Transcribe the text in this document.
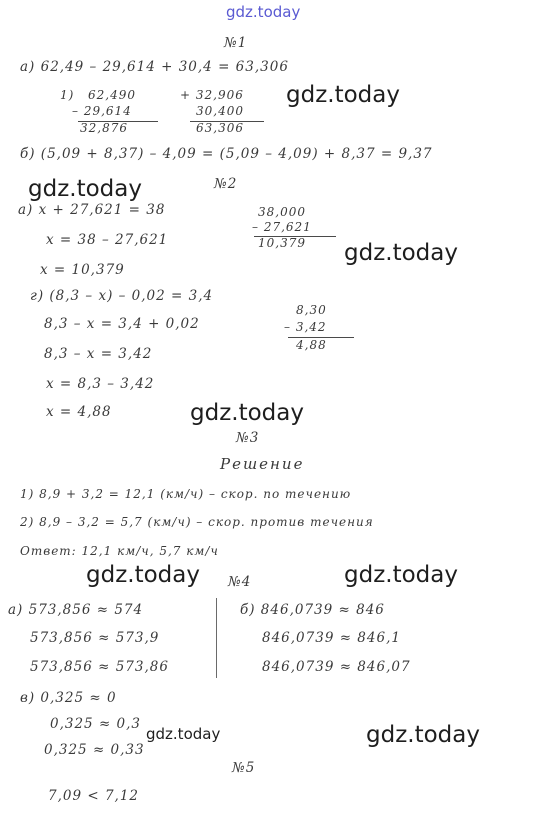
gdz.today
№1
а) 62,49 – 29,614 + 30,4 = 63,306
1) 62,490
– 29,614
32,876
+ 32,906
30,400
63,306
gdz.today
б) (5,09 + 8,37) – 4,09 = (5,09 – 4,09) + 8,37 = 9,37
gdz.today	№2
а) x + 27,621 = 38
x = 38 – 27,621
x = 10,379
38,000
– 27,621
10,379 gdz.today
г) (8,3 – x) – 0,02 = 3,4
8,3 – x = 3,4 + 0,02
8,3 – x = 3,42
x = 8,3 – 3,42
x = 4,88
8,30
– 3,42
4,88
gdz.today
№3
Решение
1) 8,9 + 3,2 = 12,1 (км/ч) – скор. по течению
2) 8,9 – 3,2 = 5,7 (км/ч) – скор. против течения
Ответ: 12,1 км/ч, 5,7 км/ч
gdz.today	gdz.today
№4
а) 573,856 ≈ 574
573,856 ≈ 573,9
573,856 ≈ 573,86
б) 846,0739 ≈ 846
846,0739 ≈ 846,1
846,0739 ≈ 846,07
в) 0,325 ≈ 0
0,325 ≈ 0,3
0,325 ≈ 0,33
gdz.today	gdz.today
№5
7,09 < 7,12
